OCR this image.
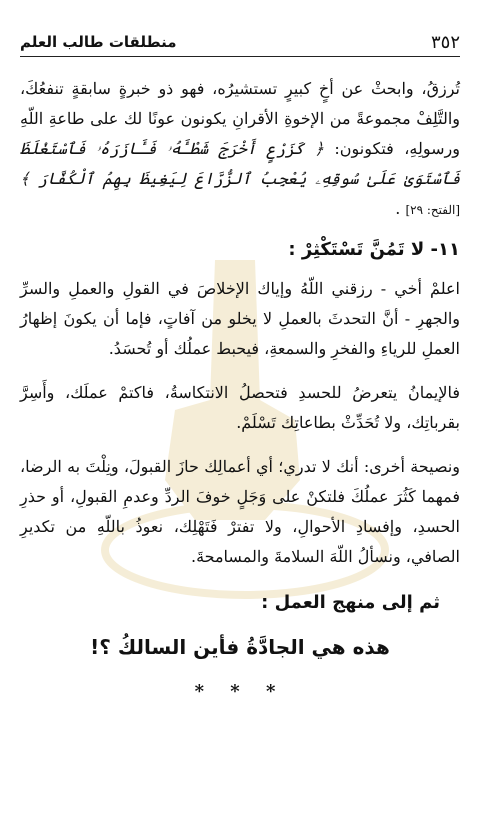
٣٥٢
منطلقات طالب العلم

تُرزقُ، وابحثْ عن أخٍ كبيرٍ تستشيرُه، فهو ذو خبرةٍ سابقةٍ تنفعُكَ، والتَّلِفْ مجموعةً من الإخوةِ الأقرانِ يكونون عونًا لك على طاعةِ اللّهِ ورسولِهِ، فتكونون: ﴿ كَزَرْعٍ أَخْرَجَ شَطْـَٔهُۥ فَـَٔازَرَهُۥ فَٱسْتَغْلَظَ فَٱسْتَوَىٰ عَلَىٰ سُوقِهِۦ يُعْجِبُ ٱلزُّرَّاعَ لِيَغِيظَ بِهِمُ ٱلْكُفَّارَ ﴾ [الفتح: ٢٩] .

١١- لا تَمُنَّ تَسْتَكْثِرْ :

اعلمْ أخي - رزقني اللّهُ وإياك الإخلاصَ في القولِ والعملِ والسرِّ والجهرِ - أنَّ التحدثَ بالعملِ لا يخلو من آفاتٍ، فإما أن يكونَ إظهارُ العملِ للرياءِ والفخرِ والسمعةِ، فيحبط عملُك أو تُحسَدُ.

فالإيمانُ يتعرضُ للحسدِ فتحصلُ الانتكاسةُ، فاكتمْ عملَك، وأَسِرَّ بقرباتِك، ولا تُحَدِّثْ بطاعاتِك تَسْلَمْ.

ونصيحة أخرى: أنك لا تدري؛ أي أعمالِك حازَ القبولَ، ونِلْتَ به الرضا، فمهما كَثُرَ عملُكَ فلتكنْ على وَجَلٍ خوفَ الردِّ وعدمِ القبولِ، أو حذرِ الحسدِ، وإفسادِ الأحوالِ، ولا تفترْ فَتَهْلِك، نعوذُ باللّهِ من تكديرِ الصافي، ونسألُ اللّهَ السلامةَ والمسامحةَ.

ثم إلى منهج العمل :
هذه هي الجادَّةُ فأين السالكُ ؟!
* * *
